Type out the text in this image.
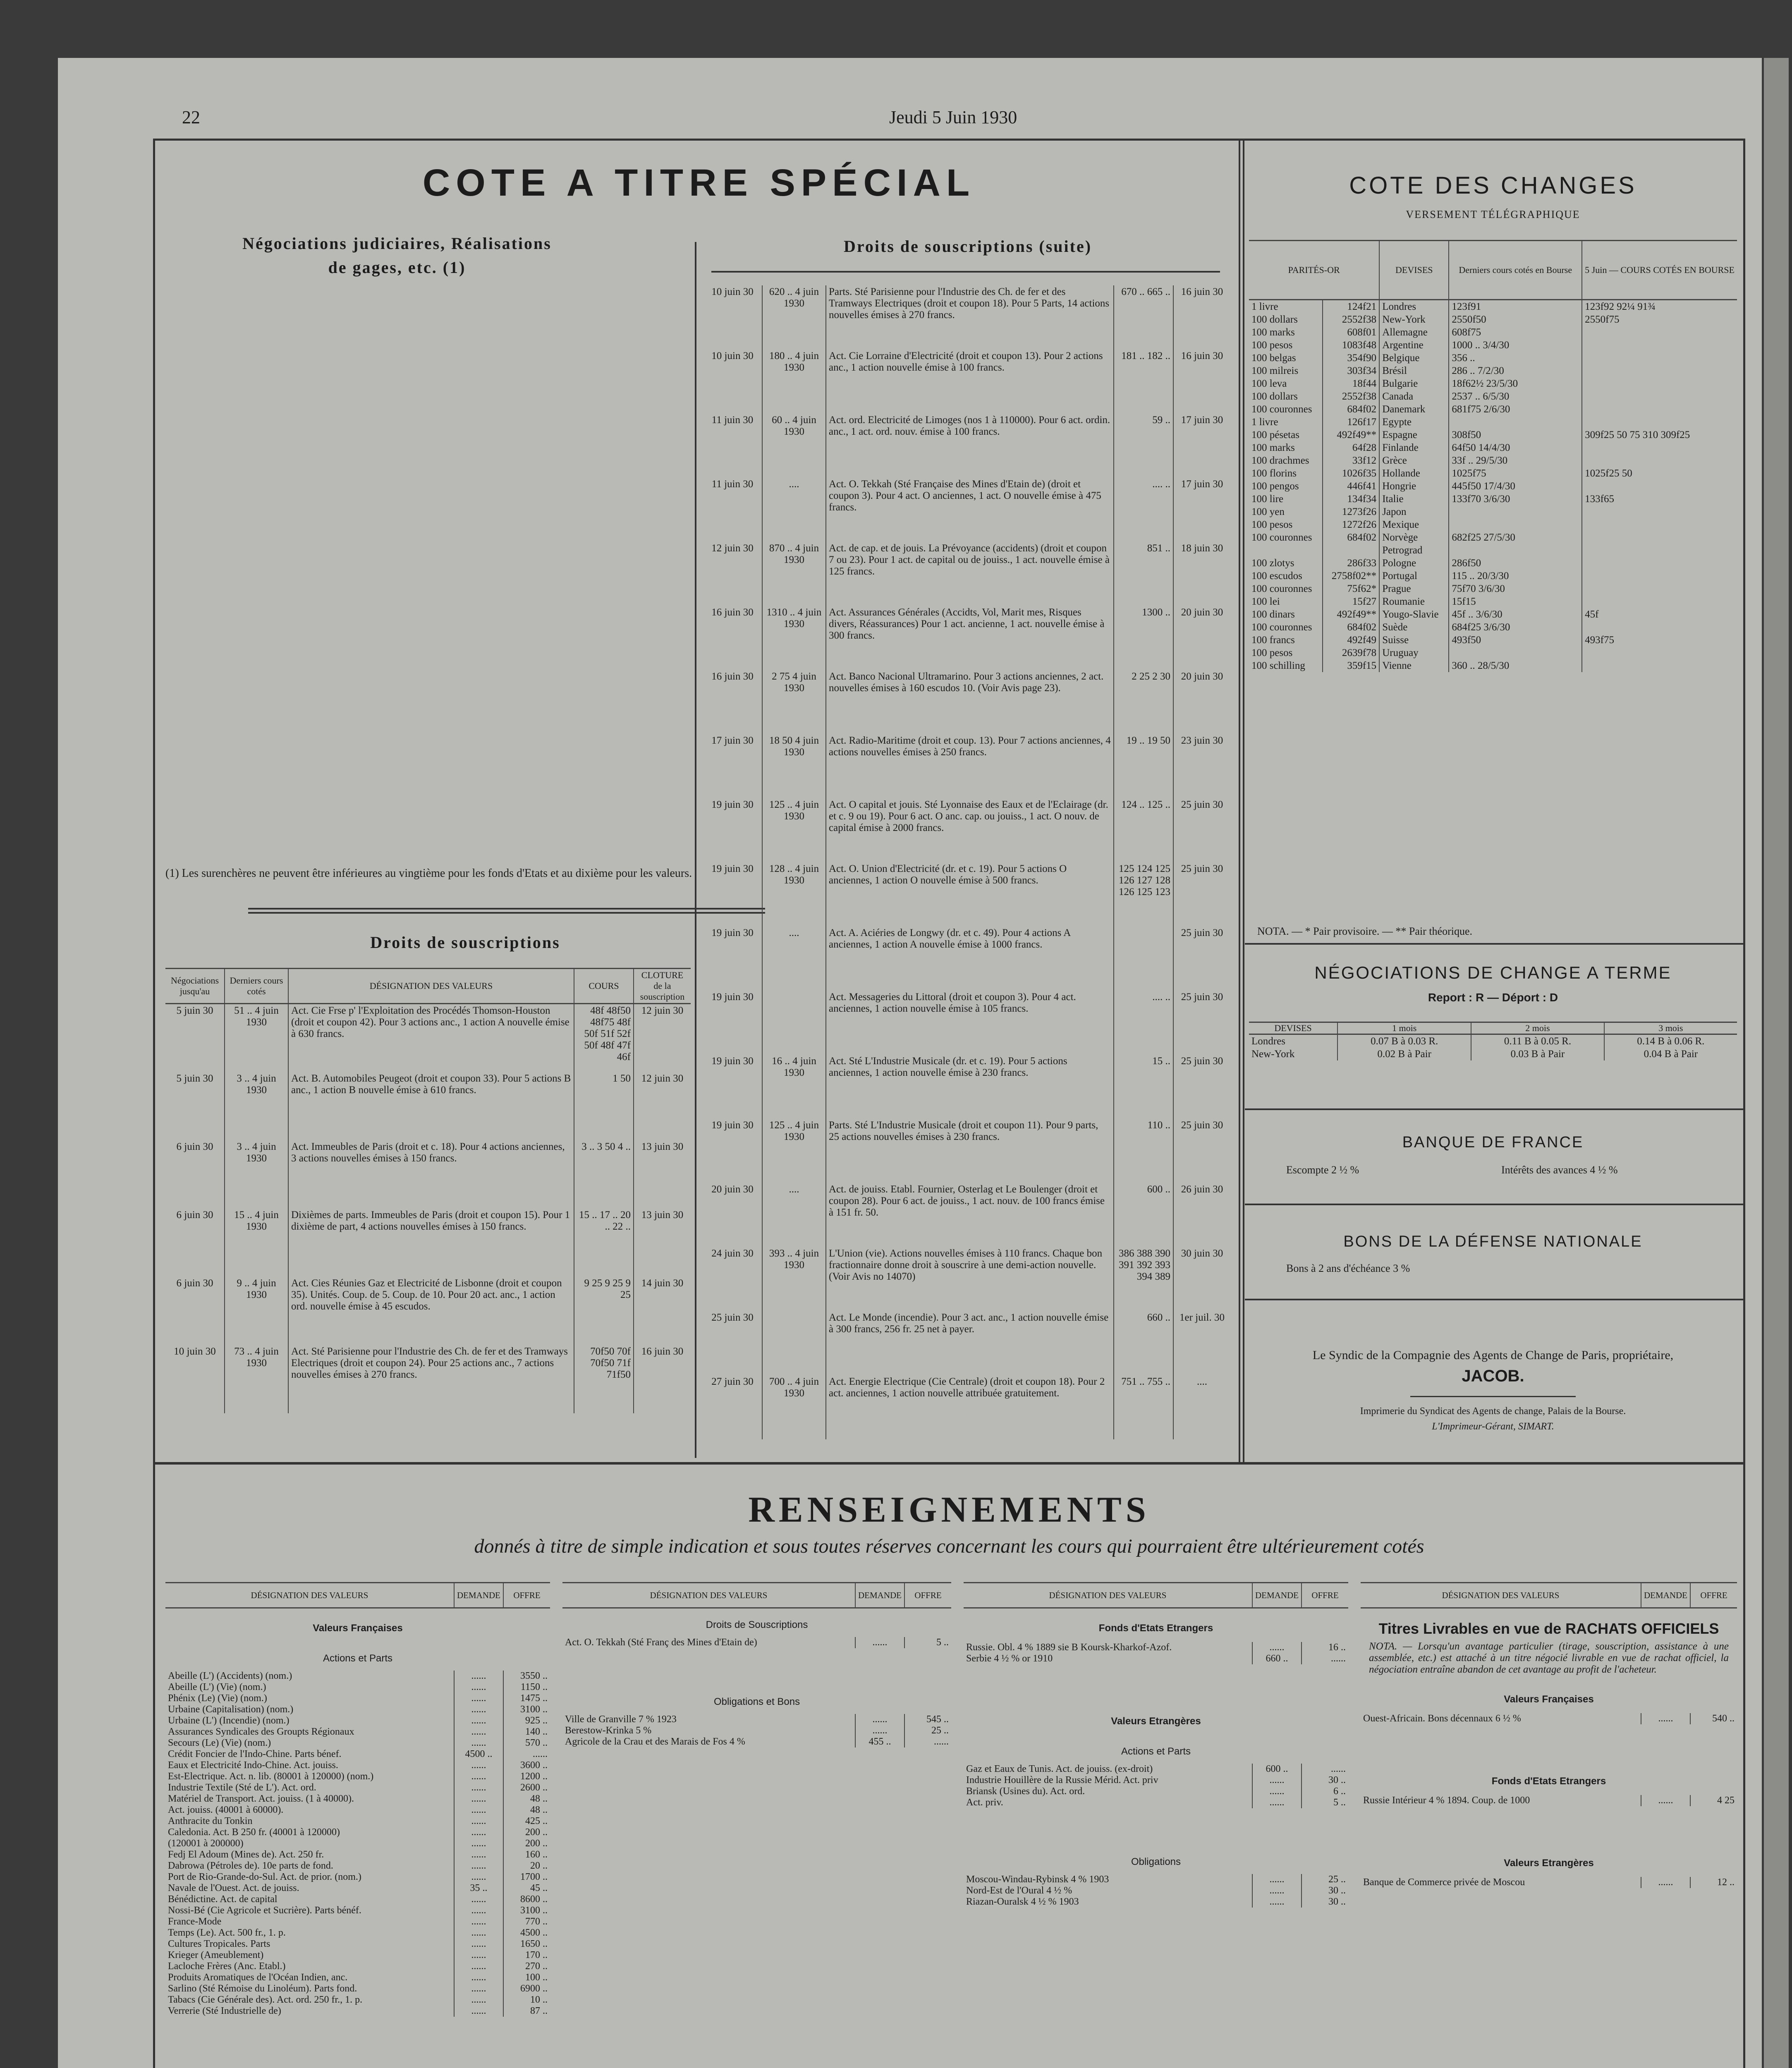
22	Jeudi 5 Juin 1930
COTE A TITRE SPÉCIAL
Négociations judiciaires, Réalisations de gages, etc. (1)
(1) Les surenchères ne peuvent être inférieures au vingtième pour les fonds d'Etats et au dixième pour les valeurs.
Droits de souscriptions
Droits de souscriptions (suite)
Négociations jusqu'au	Derniers cours cotés	DÉSIGNATION DES VALEURS	COURS	CLOTURE de la souscription
5 juin 30	51 .. 4 juin 1930	Act. Cie Frse p' l'Exploitation des Procédés Thomson-Houston (droit et coupon 42). Pour 3 actions anc., 1 action A nouvelle émise à 630 francs.	48f 48f50 48f75 48f 50f 51f 52f 50f 48f 47f 46f	12 juin 30
5 juin 30	3 .. 4 juin 1930	Act. B. Automobiles Peugeot (droit et coupon 33). Pour 5 actions B anc., 1 action B nouvelle émise à 610 francs.	1 50	12 juin 30
6 juin 30	3 .. 4 juin 1930	Act. Immeubles de Paris (droit et c. 18). Pour 4 actions anciennes, 3 actions nouvelles émises à 150 francs.	3 .. 3 50 4 ..	13 juin 30
6 juin 30	15 .. 4 juin 1930	Dixièmes de parts. Immeubles de Paris (droit et coupon 15). Pour 1 dixième de part, 4 actions nouvelles émises à 150 francs.	15 .. 17 .. 20 .. 22 ..	13 juin 30
6 juin 30	9 .. 4 juin 1930	Act. Cies Réunies Gaz et Electricité de Lisbonne (droit et coupon 35). Unités. Coup. de 5. Coup. de 10. Pour 20 act. anc., 1 action ord. nouvelle émise à 45 escudos.	9 25 9 25 9 25	14 juin 30
10 juin 30	73 .. 4 juin 1930	Act. Sté Parisienne pour l'Industrie des Ch. de fer et des Tramways Electriques (droit et coupon 24). Pour 25 actions anc., 7 actions nouvelles émises à 270 francs.	70f50 70f 70f50 71f 71f50	16 juin 30
10 juin 30	620 .. 4 juin 1930	Parts. Sté Parisienne pour l'Industrie des Ch. de fer et des Tramways Electriques (droit et coupon 18). Pour 5 Parts, 14 actions nouvelles émises à 270 francs.	670 .. 665 ..	16 juin 30
10 juin 30	180 .. 4 juin 1930	Act. Cie Lorraine d'Electricité (droit et coupon 13). Pour 2 actions anc., 1 action nouvelle émise à 100 francs.	181 .. 182 ..	16 juin 30
11 juin 30	60 .. 4 juin 1930	Act. ord. Electricité de Limoges (nos 1 à 110000). Pour 6 act. ordin. anc., 1 act. ord. nouv. émise à 100 francs.	59 ..	17 juin 30
11 juin 30	....	Act. O. Tekkah (Sté Française des Mines d'Etain de) (droit et coupon 3). Pour 4 act. O anciennes, 1 act. O nouvelle émise à 475 francs.	.... ..	17 juin 30
12 juin 30	870 .. 4 juin 1930	Act. de cap. et de jouis. La Prévoyance (accidents) (droit et coupon 7 ou 23). Pour 1 act. de capital ou de jouiss., 1 act. nouvelle émise à 125 francs.	851 ..	18 juin 30
16 juin 30	1310 .. 4 juin 1930	Act. Assurances Générales (Accidts, Vol, Marit mes, Risques divers, Réassurances) Pour 1 act. ancienne, 1 act. nouvelle émise à 300 francs.	1300 ..	20 juin 30
16 juin 30	2 75 4 juin 1930	Act. Banco Nacional Ultramarino. Pour 3 actions anciennes, 2 act. nouvelles émises à 160 escudos 10. (Voir Avis page 23).	2 25 2 30	20 juin 30
17 juin 30	18 50 4 juin 1930	Act. Radio-Maritime (droit et coup. 13). Pour 7 actions anciennes, 4 actions nouvelles émises à 250 francs.	19 .. 19 50	23 juin 30
19 juin 30	125 .. 4 juin 1930	Act. O capital et jouis. Sté Lyonnaise des Eaux et de l'Eclairage (dr. et c. 9 ou 19). Pour 6 act. O anc. cap. ou jouiss., 1 act. O nouv. de capital émise à 2000 francs.	124 .. 125 ..	25 juin 30
19 juin 30	128 .. 4 juin 1930	Act. O. Union d'Electricité (dr. et c. 19). Pour 5 actions O anciennes, 1 action O nouvelle émise à 500 francs.	125 124 125 126 127 128 126 125 123	25 juin 30
19 juin 30	....	Act. A. Aciéries de Longwy (dr. et c. 49). Pour 4 actions A anciennes, 1 action A nouvelle émise à 1000 francs.		25 juin 30
19 juin 30		Act. Messageries du Littoral (droit et coupon 3). Pour 4 act. anciennes, 1 action nouvelle émise à 105 francs.	.... ..	25 juin 30
19 juin 30	16 .. 4 juin 1930	Act. Sté L'Industrie Musicale (dr. et c. 19). Pour 5 actions anciennes, 1 action nouvelle émise à 230 francs.	15 ..	25 juin 30
19 juin 30	125 .. 4 juin 1930	Parts. Sté L'Industrie Musicale (droit et coupon 11). Pour 9 parts, 25 actions nouvelles émises à 230 francs.	110 ..	25 juin 30
20 juin 30	....	Act. de jouiss. Etabl. Fournier, Osterlag et Le Boulenger (droit et coupon 28). Pour 6 act. de jouiss., 1 act. nouv. de 100 francs émise à 151 fr. 50.	600 ..	26 juin 30
24 juin 30	393 .. 4 juin 1930	L'Union (vie). Actions nouvelles émises à 110 francs. Chaque bon fractionnaire donne droit à souscrire à une demi-action nouvelle. (Voir Avis no 14070)	386 388 390 391 392 393 394 389	30 juin 30
25 juin 30		Act. Le Monde (incendie). Pour 3 act. anc., 1 action nouvelle émise à 300 francs, 256 fr. 25 net à payer.	660 ..	1er juil. 30
27 juin 30	700 .. 4 juin 1930	Act. Energie Electrique (Cie Centrale) (droit et coupon 18). Pour 2 act. anciennes, 1 action nouvelle attribuée gratuitement.	751 .. 755 ..	....
COTE DES CHANGES
VERSEMENT TÉLÉGRAPHIQUE
PARITÉS-OR		DEVISES	Derniers cours cotés en Bourse	5 Juin — COURS COTÉS EN BOURSE
1 livre	124f21	Londres	123f91	123f92 92¼ 91¾
100 dollars	2552f38	New-York	2550f50	2550f75
100 marks	608f01	Allemagne	608f75	
100 pesos	1083f48	Argentine	1000 .. 3/4/30	
100 belgas	354f90	Belgique	356 ..	
100 milreis	303f34	Brésil	286 .. 7/2/30	
100 leva	18f44	Bulgarie	18f62½ 23/5/30	
100 dollars	2552f38	Canada	2537 .. 6/5/30	
100 couronnes	684f02	Danemark	681f75 2/6/30	
1 livre	126f17	Egypte		
100 pésetas	492f49**	Espagne	308f50	309f25 50 75 310 309f25
100 marks	64f28	Finlande	64f50 14/4/30	
100 drachmes	33f12	Grèce	33f .. 29/5/30	
100 florins	1026f35	Hollande	1025f75	1025f25 50
100 pengos	446f41	Hongrie	445f50 17/4/30	
100 lire	134f34	Italie	133f70 3/6/30	133f65
100 yen	1273f26	Japon		
100 pesos	1272f26	Mexique		
100 couronnes	684f02	Norvège	682f25 27/5/30	
		Petrograd		
100 zlotys	286f33	Pologne	286f50	
100 escudos	2758f02**	Portugal	115 .. 20/3/30	
100 couronnes	75f62*	Prague	75f70 3/6/30	
100 lei	15f27	Roumanie	15f15	
100 dinars	492f49**	Yougo-Slavie	45f .. 3/6/30	45f
100 couronnes	684f02	Suède	684f25 3/6/30	
100 francs	492f49	Suisse	493f50	493f75
100 pesos	2639f78	Uruguay		
100 schilling	359f15	Vienne	360 .. 28/5/30	
NOTA. — * Pair provisoire. — ** Pair théorique.
NÉGOCIATIONS DE CHANGE A TERME
Report : R — Déport : D
DEVISES	1 mois	2 mois	3 mois
Londres	0.07 B à 0.03 R.	0.11 B à 0.05 R.	0.14 B à 0.06 R.
New-York	0.02 B à Pair	0.03 B à Pair	0.04 B à Pair
BANQUE DE FRANCE
Escompte 2 ½ %	Intérêts des avances 4 ½ %
BONS DE LA DÉFENSE NATIONALE
Bons à 2 ans d'échéance 3 %
Le Syndic de la Compagnie des Agents de Change de Paris, propriétaire,
JACOB.
Imprimerie du Syndicat des Agents de change, Palais de la Bourse.
L'Imprimeur-Gérant, SIMART.
RENSEIGNEMENTS
donnés à titre de simple indication et sous toutes réserves concernant les cours qui pourraient être ultérieurement cotés
DÉSIGNATION DES VALEURS	DEMANDE	OFFRE
Valeurs Françaises		
Actions et Parts		
Abeille (L') (Accidents) (nom.)	......	3550 ..
Abeille (L') (Vie) (nom.)	......	1150 ..
Phénix (Le) (Vie) (nom.)	......	1475 ..
Urbaine (Capitalisation) (nom.)	......	3100 ..
Urbaine (L') (Incendie) (nom.)	......	925 ..
Assurances Syndicales des Groupts Régionaux	......	140 ..
Secours (Le) (Vie) (nom.)	......	570 ..
Crédit Foncier de l'Indo-Chine. Parts bénef.	4500 ..	......
Eaux et Electricité Indo-Chine. Act. jouiss.	......	3600 ..
Est-Electrique. Act. n. lib. (80001 à 120000) (nom.)	......	1200 ..
Industrie Textile (Sté de L'). Act. ord.	......	2600 ..
Matériel de Transport. Act. jouiss. (1 à 40000).	......	48 ..
Act. jouiss. (40001 à 60000).	......	48 ..
Anthracite du Tonkin	......	425 ..
Caledonia. Act. B 250 fr. (40001 à 120000)	......	200 ..
(120001 à 200000)	......	200 ..
Fedj El Adoum (Mines de). Act. 250 fr.	......	160 ..
Dabrowa (Pétroles de). 10e parts de fond.	......	20 ..
Port de Rio-Grande-do-Sul. Act. de prior. (nom.)	......	1700 ..
Navale de l'Ouest. Act. de jouiss.	35 ..	45 ..
Bénédictine. Act. de capital	......	8600 ..
Nossi-Bé (Cie Agricole et Sucrière). Parts bénéf.	......	3100 ..
France-Mode	......	770 ..
Temps (Le). Act. 500 fr., 1. p.	......	4500 ..
Cultures Tropicales. Parts	......	1650 ..
Krieger (Ameublement)	......	170 ..
Lacloche Frères (Anc. Etabl.)	......	270 ..
Produits Aromatiques de l'Océan Indien, anc.	......	100 ..
Sarlino (Sté Rémoise du Linoléum). Parts fond.	......	6900 ..
Tabacs (Cie Générale des). Act. ord. 250 fr., 1. p.	......	10 ..
Verrerie (Sté Industrielle de)	......	87 ..
DÉSIGNATION DES VALEURS	DEMANDE	OFFRE
Droits de Souscriptions		
Act. O. Tekkah (Sté Franç des Mines d'Etain de)	......	5 ..

Obligations et Bons		
Ville de Granville 7 % 1923	......	545 ..
Berestow-Krinka 5 %	......	25 ..
Agricole de la Crau et des Marais de Fos 4 %	455 ..	......
DÉSIGNATION DES VALEURS	DEMANDE	OFFRE
Fonds d'Etats Etrangers		
Russie. Obl. 4 % 1889 sie B Koursk-Kharkof-Azof.	......	16 ..
Serbie 4 ½ % or 1910	660 ..	......

Valeurs Etrangères		
Actions et Parts		
Gaz et Eaux de Tunis. Act. de jouiss. (ex-droit)	600 ..	......
Industrie Houillère de la Russie Mérid. Act. priv	......	30 ..
Briansk (Usines du). Act. ord.	......	6 ..
Act. priv.	......	5 ..

Obligations		
Moscou-Windau-Rybinsk 4 % 1903	......	25 ..
Nord-Est de l'Oural 4 ½ %	......	30 ..
Riazan-Ouralsk 4 ½ % 1903	......	30 ..
DÉSIGNATION DES VALEURS	DEMANDE	OFFRE

Titres Livrables en vue de RACHATS OFFICIELS
NOTA. — Lorsqu'un avantage particulier (tirage, souscription, assistance à une assemblée, etc.) est attaché à un titre négocié livrable en vue de rachat officiel, la négociation entraîne abandon de cet avantage au profit de l'acheteur.		

Valeurs Françaises		
Ouest-Africain. Bons décennaux 6 ½ %	......	540 ..

Fonds d'Etats Etrangers		
Russie Intérieur 4 % 1894. Coup. de 1000	......	4 25

Valeurs Etrangères		
Banque de Commerce privée de Moscou	......	12 ..
